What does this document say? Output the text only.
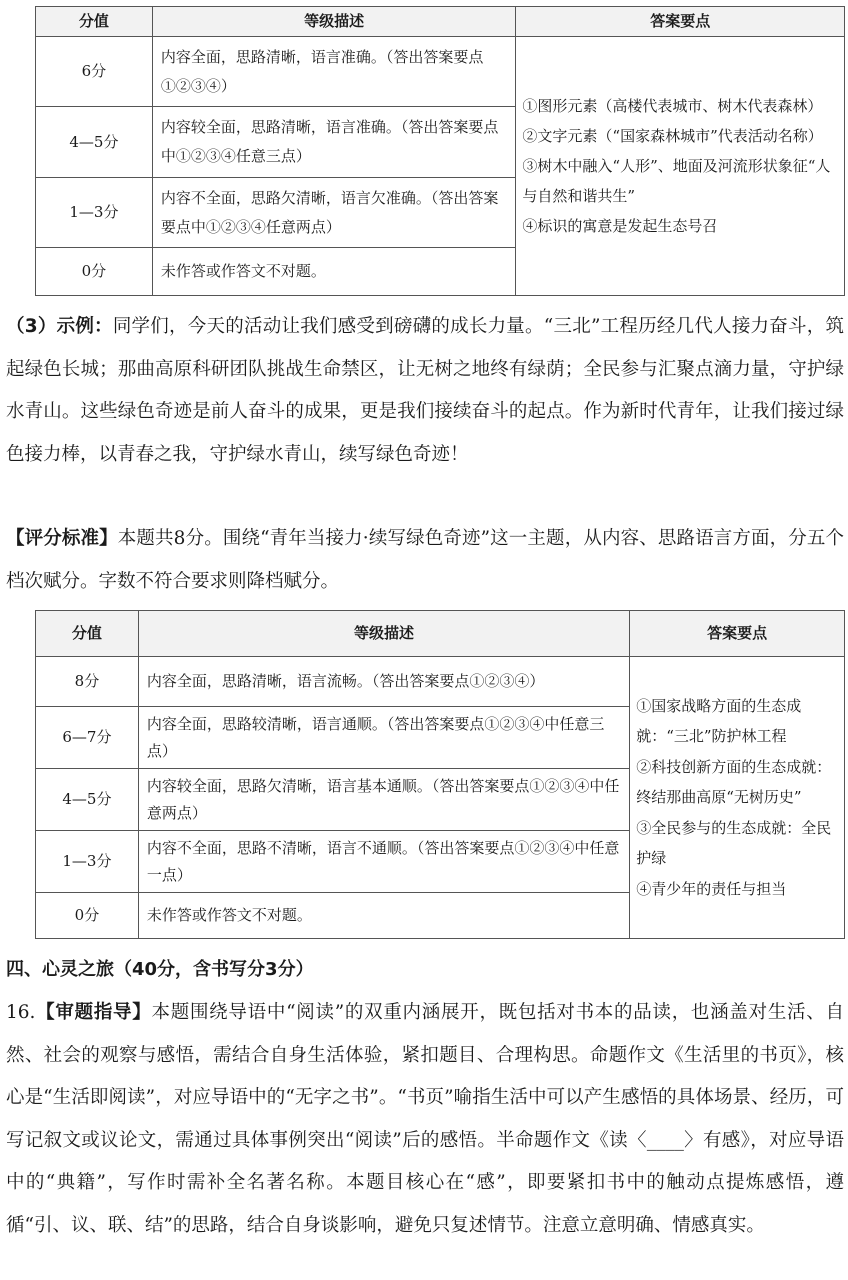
分值	等级描述	答案要点
6分	内容全面，思路清晰，语言准确。（答出答案要点①②③④）	①图形元素（高楼代表城市、树木代表森林）
②文字元素（“国家森林城市”代表活动名称）
③树木中融入“人形”、地面及河流形状象征“人与自然和谐共生”
④标识的寓意是发起生态号召

4—5分	内容较全面，思路清晰，语言准确。（答出答案要点中①②③④任意三点）	
1—3分	内容不全面，思路欠清晰，语言欠准确。（答出答案要点中①②③④任意两点）	
0分	未作答或作答文不对题。	

（3）示例：同学们，今天的活动让我们感受到磅礴的成长力量。“三北”工程历经几代人接力奋斗，筑起绿色长城；那曲高原科研团队挑战生命禁区，让无树之地终有绿荫；全民参与汇聚点滴力量，守护绿水青山。这些绿色奇迹是前人奋斗的成果，更是我们接续奋斗的起点。作为新时代青年，让我们接过绿色接力棒，以青春之我，守护绿水青山，续写绿色奇迹！

【评分标准】本题共8分。围绕“青年当接力·续写绿色奇迹”这一主题，从内容、思路语言方面，分五个档次赋分。字数不符合要求则降档赋分。

分值	等级描述	答案要点
8分	内容全面，思路清晰，语言流畅。（答出答案要点①②③④）	①国家战略方面的生态成就：“三北”防护林工程
②科技创新方面的生态成就：终结那曲高原“无树历史”
③全民参与的生态成就：全民护绿
④青少年的责任与担当

6—7分	内容全面，思路较清晰，语言通顺。（答出答案要点①②③④中任意三点）	
4—5分	内容较全面，思路欠清晰，语言基本通顺。（答出答案要点①②③④中任意两点）	
1—3分	内容不全面，思路不清晰，语言不通顺。（答出答案要点①②③④中任意一点）	
0分	未作答或作答文不对题。	
四、心灵之旅（40分，含书写分3分）

16.【审题指导】本题围绕导语中“阅读”的双重内涵展开，既包括对书本的品读，也涵盖对生活、自然、社会的观察与感悟，需结合自身生活体验，紧扣题目、合理构思。命题作文《生活里的书页》，核心是“生活即阅读”，对应导语中的“无字之书”。“书页”喻指生活中可以产生感悟的具体场景、经历，可写记叙文或议论文，需通过具体事例突出“阅读”后的感悟。半命题作文《读〈____〉有感》，对应导语中的“典籍”，写作时需补全名著名称。本题目核心在“感”，即要紧扣书中的触动点提炼感悟，遵循“引、议、联、结”的思路，结合自身谈影响，避免只复述情节。注意立意明确、情感真实。
